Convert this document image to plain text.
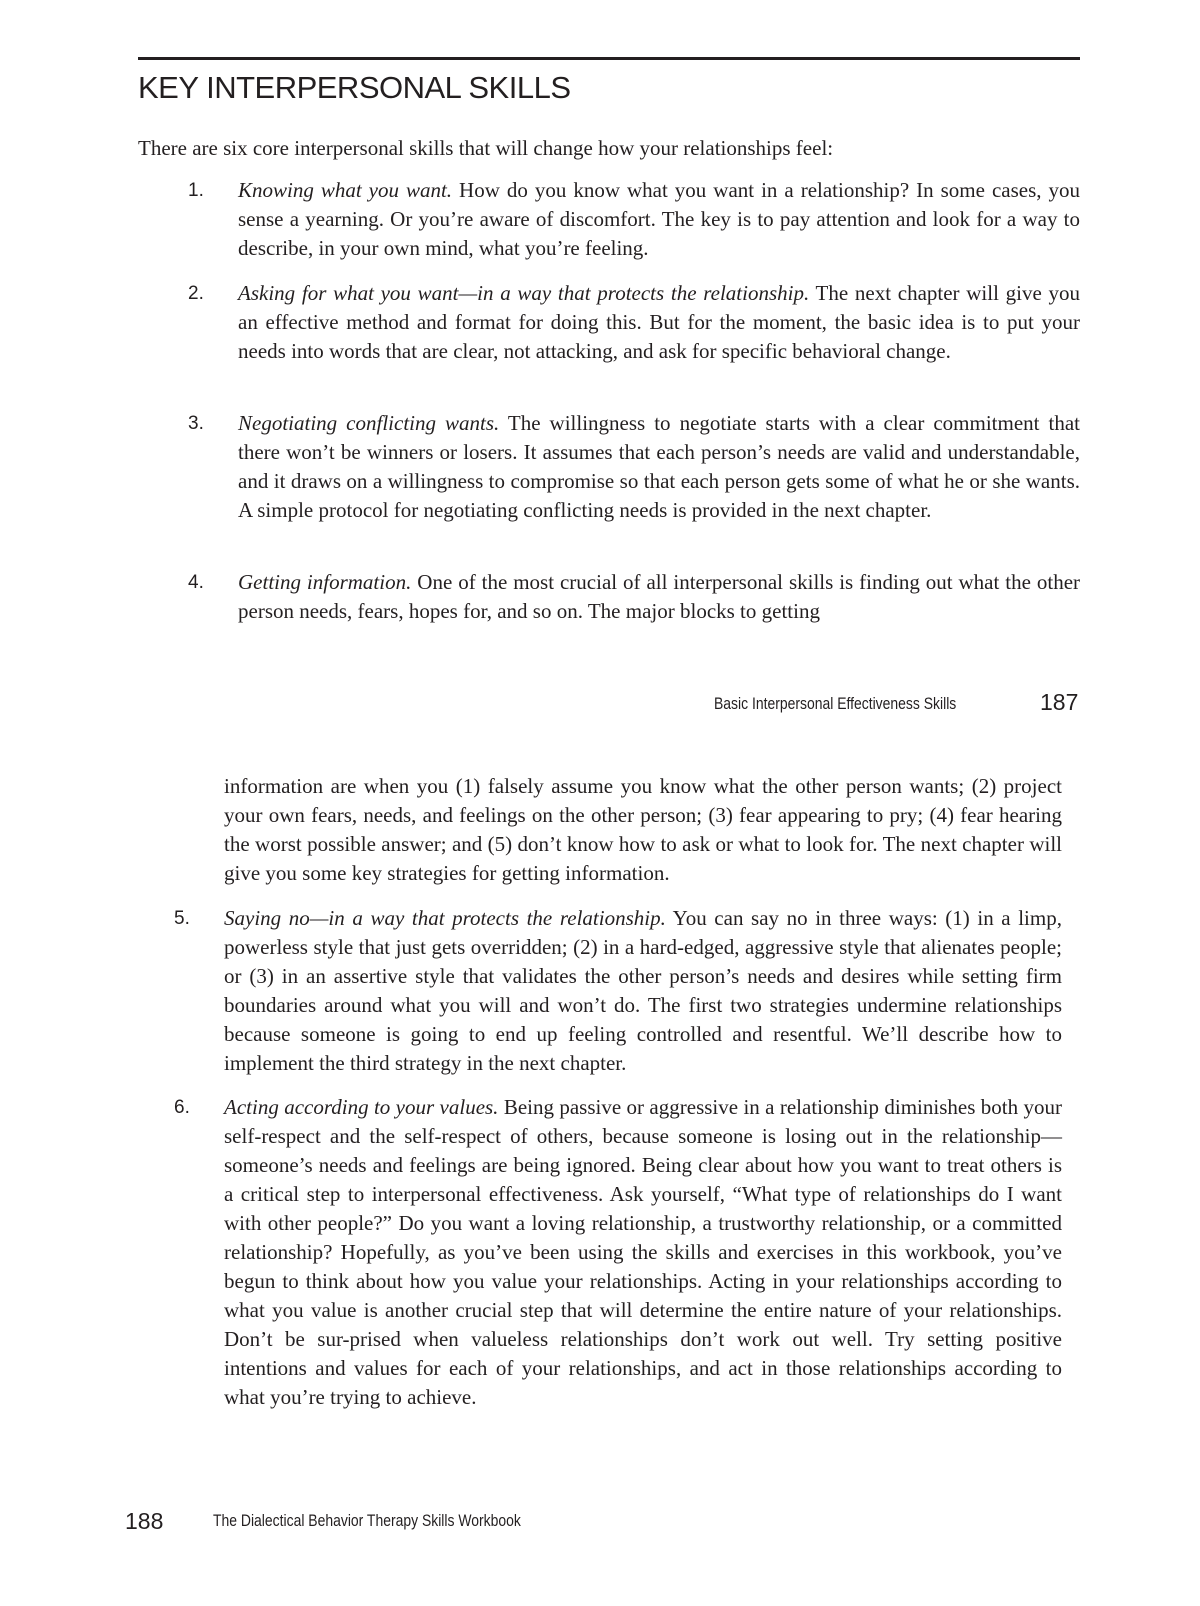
KEY INTERPERSONAL SKILLS
There are six core interpersonal skills that will change how your relationships feel:
1. Knowing what you want. How do you know what you want in a relationship? In some cases, you sense a yearning. Or you’re aware of discomfort. The key is to pay attention and look for a way to describe, in your own mind, what you’re feeling.
2. Asking for what you want—in a way that protects the relationship. The next chapter will give you an effective method and format for doing this. But for the moment, the basic idea is to put your needs into words that are clear, not attacking, and ask for specific behavioral change.
3. Negotiating conflicting wants. The willingness to negotiate starts with a clear commitment that there won’t be winners or losers. It assumes that each person’s needs are valid and understandable, and it draws on a willingness to compromise so that each person gets some of what he or she wants. A simple protocol for negotiating conflicting needs is provided in the next chapter.
4. Getting information. One of the most crucial of all interpersonal skills is finding out what the other person needs, fears, hopes for, and so on. The major blocks to getting
Basic Interpersonal Effectiveness Skills	187
information are when you (1) falsely assume you know what the other person wants; (2) project your own fears, needs, and feelings on the other person; (3) fear appearing to pry; (4) fear hearing the worst possible answer; and (5) don’t know how to ask or what to look for. The next chapter will give you some key strategies for getting information.
5. Saying no—in a way that protects the relationship. You can say no in three ways: (1) in a limp, powerless style that just gets overridden; (2) in a hard-edged, aggressive style that alienates people; or (3) in an assertive style that validates the other person’s needs and desires while setting firm boundaries around what you will and won’t do. The first two strategies undermine relationships because someone is going to end up feeling controlled and resentful. We’ll describe how to implement the third strategy in the next chapter.
6. Acting according to your values. Being passive or aggressive in a relationship diminishes both your self-respect and the self-respect of others, because someone is losing out in the relationship—someone’s needs and feelings are being ignored. Being clear about how you want to treat others is a critical step to interpersonal effectiveness. Ask yourself, “What type of relationships do I want with other people?” Do you want a loving relationship, a trustworthy relationship, or a committed relationship? Hopefully, as you’ve been using the skills and exercises in this workbook, you’ve begun to think about how you value your relationships. Acting in your relationships according to what you value is another crucial step that will determine the entire nature of your relationships. Don’t be sur-prised when valueless relationships don’t work out well. Try setting positive intentions and values for each of your relationships, and act in those relationships according to what you’re trying to achieve.
188	The Dialectical Behavior Therapy Skills Workbook
